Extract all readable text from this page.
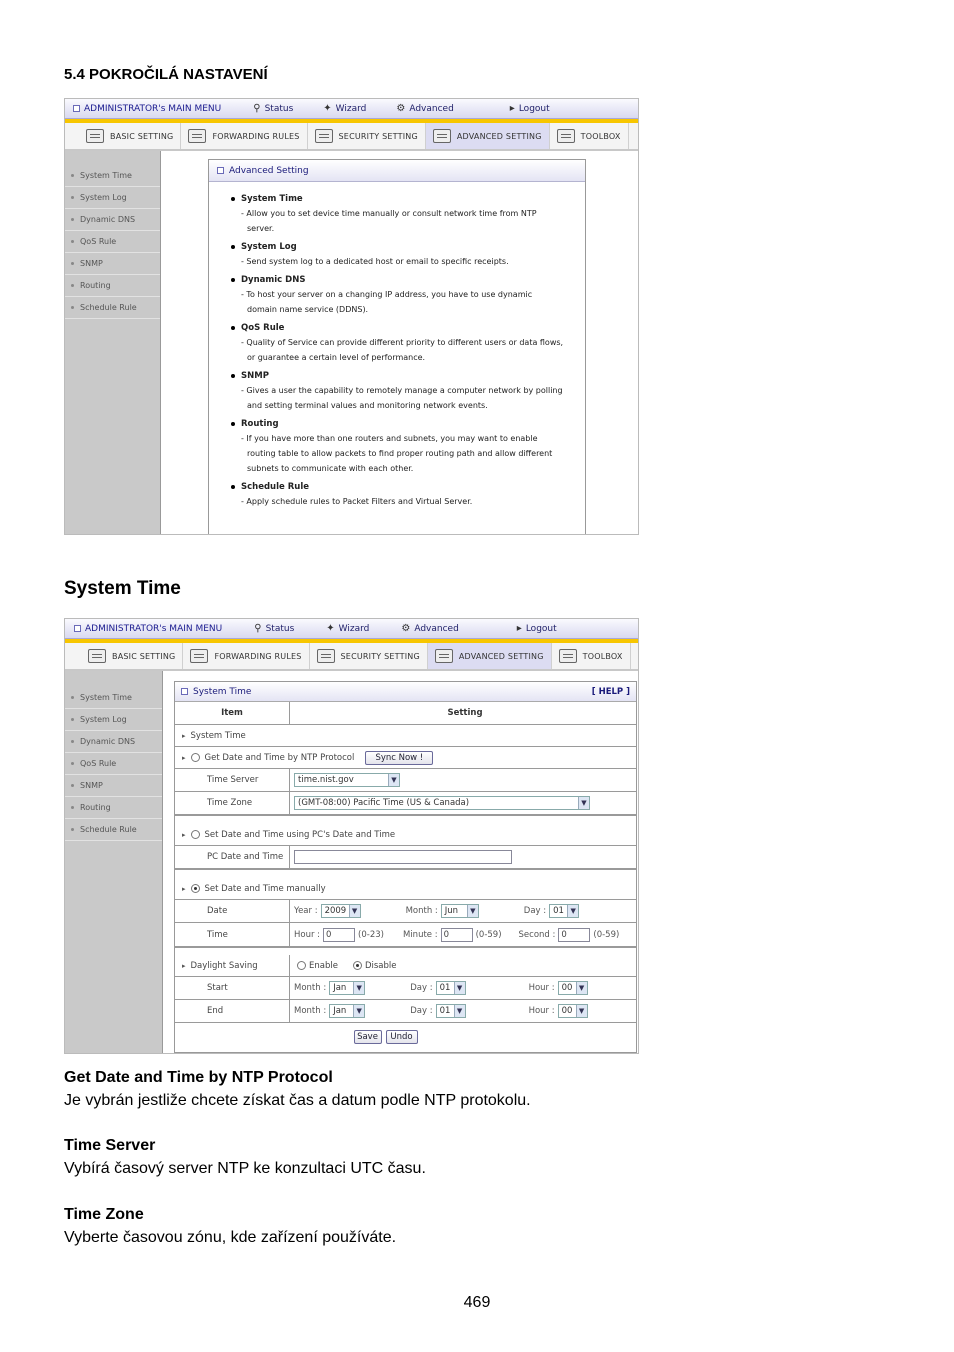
5.4 POKROČILÁ NASTAVENÍ
ADMINISTRATOR's MAIN MENU	⚲ Status	✦ Wizard	⚙ Advanced	▸ Logout
BASIC SETTING	FORWARDING RULES	SECURITY SETTING	ADVANCED SETTING	TOOLBOX
System Time
System Log
Dynamic DNS
QoS Rule
SNMP
Routing
Schedule Rule
Advanced Setting
System Time
- Allow you to set device time manually or consult network time from NTP
server.
System Log
- Send system log to a dedicated host or email to specific receipts.
Dynamic DNS
- To host your server on a changing IP address, you have to use dynamic
domain name service (DDNS).
QoS Rule
- Quality of Service can provide different priority to different users or data flows,
or guarantee a certain level of performance.
SNMP
- Gives a user the capability to remotely manage a computer network by polling
and setting terminal values and monitoring network events.
Routing
- If you have more than one routers and subnets, you may want to enable
routing table to allow packets to find proper routing path and allow different
subnets to communicate with each other.
Schedule Rule
- Apply schedule rules to Packet Filters and Virtual Server.
System Time
ADMINISTRATOR's MAIN MENU	⚲ Status	✦ Wizard	⚙ Advanced	▸ Logout
BASIC SETTING	FORWARDING RULES	SECURITY SETTING	ADVANCED SETTING	TOOLBOX
System Time
System Log
Dynamic DNS
QoS Rule
SNMP
Routing
Schedule Rule
System Time	[ HELP ]
Item	Setting
▸ System Time
▸ Get Date and Time by NTP Protocol	Sync Now !
Time Server	time.nist.gov	▼
Time Zone	(GMT-08:00) Pacific Time (US & Canada)	▼
▸ Set Date and Time using PC's Date and Time
PC Date and Time
▸ Set Date and Time manually
Date	Year : 2009 ▼	Month : Jun	▼	Day : 01 ▼
Time	Hour : 0	(0-23) Minute : 0	(0-59) Second : 0	(0-59)
▸ Daylight Saving	Enable	Disable
Start	Month : Jan	▼	Day : 01 ▼	Hour : 00 ▼
End	Month : Jan	▼	Day : 01 ▼	Hour : 00 ▼
Save	Undo
Get Date and Time by NTP Protocol
Je vybrán jestliže chcete získat čas a datum podle NTP protokolu.
Time Server
Vybírá časový server NTP ke konzultaci UTC času.
Time Zone
Vyberte časovou zónu, kde zařízení používáte.
469
